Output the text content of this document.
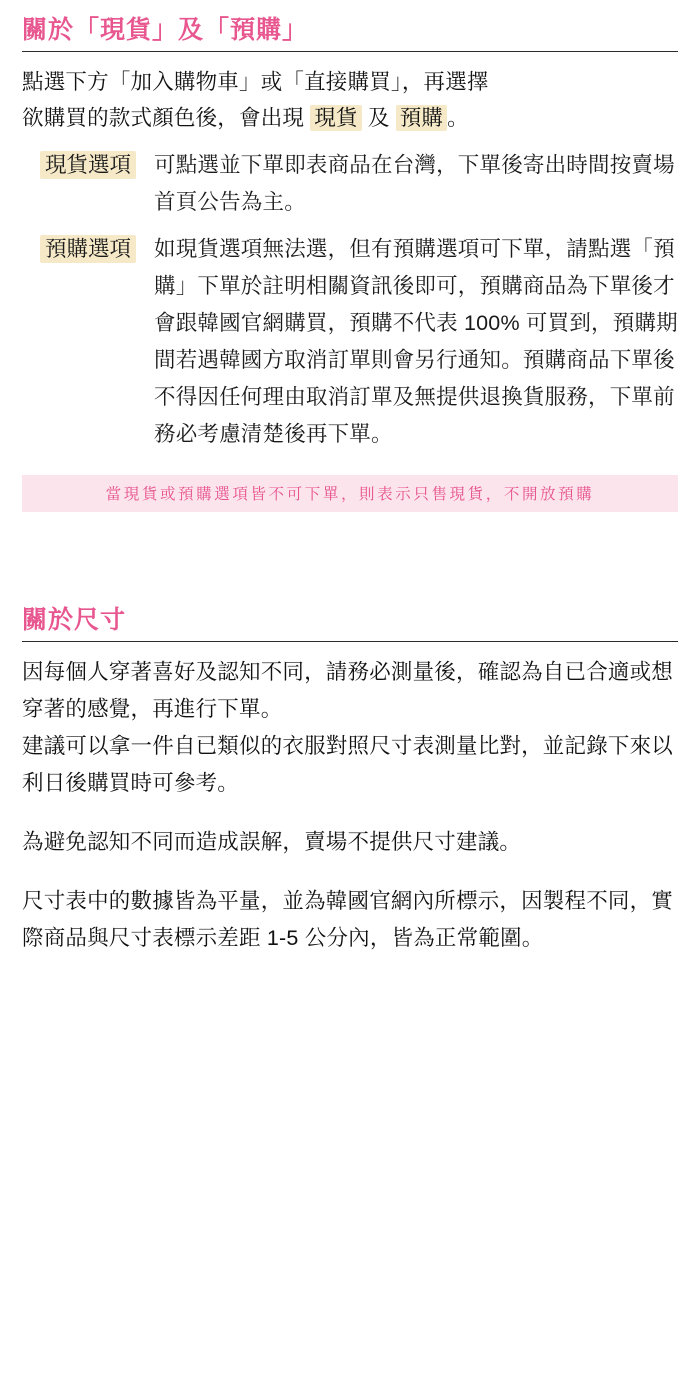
關於「現貨」及「預購」
點選下方「加入購物車」或「直接購買」，再選擇
欲購買的款式顏色後，會出現 現貨 及 預購 。
現貨選項	可點選並下單即表商品在台灣，下單後寄出時間按賣場首頁公告為主。
預購選項	如現貨選項無法選，但有預購選項可下單，請點選「預購」下單於註明相關資訊後即可，預購商品為下單後才會跟韓國官網購買，預購不代表 100% 可買到，預購期間若遇韓國方取消訂單則會另行通知。預購商品下單後不得因任何理由取消訂單及無提供退換貨服務，下單前務必考慮清楚後再下單。
當現貨或預購選項皆不可下單，則表示只售現貨，不開放預購
關於尺寸
因每個人穿著喜好及認知不同，請務必測量後，確認為自已合適或想穿著的感覺，再進行下單。
建議可以拿一件自已類似的衣服對照尺寸表測量比對，並記錄下來以利日後購買時可參考。
為避免認知不同而造成誤解，賣場不提供尺寸建議。
尺寸表中的數據皆為平量，並為韓國官網內所標示，因製程不同，實際商品與尺寸表標示差距 1-5 公分內，皆為正常範圍。
